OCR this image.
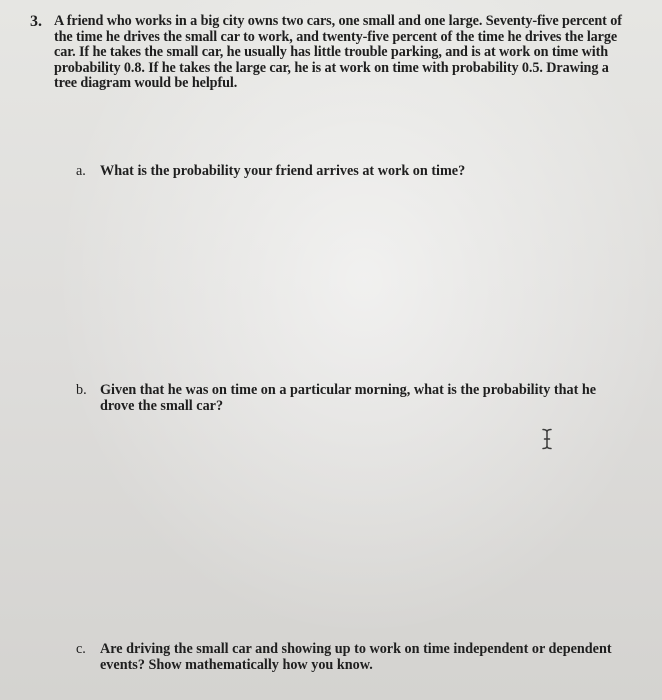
3. A friend who works in a big city owns two cars, one small and one large. Seventy-five percent of the time he drives the small car to work, and twenty-five percent of the time he drives the large car. If he takes the small car, he usually has little trouble parking, and is at work on time with probability 0.8. If he takes the large car, he is at work on time with probability 0.5. Drawing a tree diagram would be helpful.
a. What is the probability your friend arrives at work on time?
b. Given that he was on time on a particular morning, what is the probability that he drove the small car?
c. Are driving the small car and showing up to work on time independent or dependent events? Show mathematically how you know.
